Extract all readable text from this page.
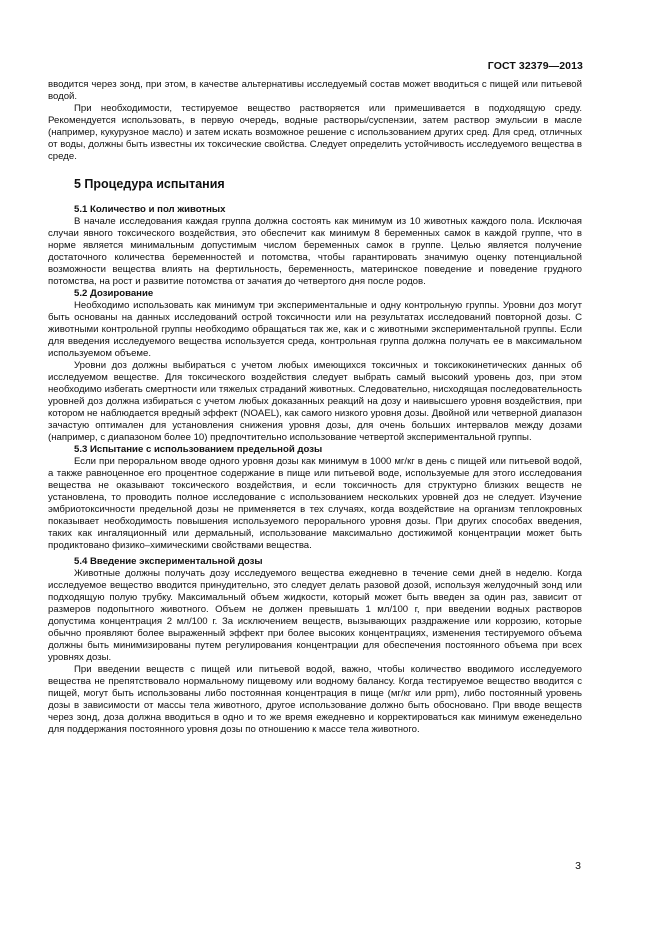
ГОСТ 32379—2013

вводится через зонд, при этом, в качестве альтернативы исследуемый состав может вводиться с пищей или питьевой водой.

При необходимости, тестируемое вещество растворяется или примешивается в подходящую среду. Рекомендуется использовать, в первую очередь, водные растворы/суспензии, затем раствор эмульсии в масле (например, кукурузное масло) и затем искать возможное решение с использованием других сред. Для сред, отличных от воды, должны быть известны их токсические свойства. Следует определить устойчивость исследуемого вещества в среде.

5 Процедура испытания
5.1 Количество и пол животных

В начале исследования каждая группа должна состоять как минимум из 10 животных каждого пола. Исключая случаи явного токсического воздействия, это обеспечит как минимум 8 беременных самок в каждой группе, что в норме является минимальным допустимым числом беременных самок в группе. Целью является получение достаточного количества беременностей и потомства, чтобы гарантировать значимую оценку потенциальной возможности вещества влиять на фертильность, беременность, материнское поведение и поведение грудного потомства, на рост и развитие потомства от зачатия до четвертого дня после родов.

5.2 Дозирование

Необходимо использовать как минимум три экспериментальные и одну контрольную группы. Уровни доз могут быть основаны на данных исследований острой токсичности или на результатах исследований повторной дозы. С животными контрольной группы необходимо обращаться так же, как и с животными экспериментальной группы. Если для введения исследуемого вещества используется среда, контрольная группа должна получать ее в максимальном используемом объеме.

Уровни доз должны выбираться с учетом любых имеющихся токсичных и токсикокинетических данных об исследуемом веществе. Для токсического воздействия следует выбрать самый высокий уровень доз, при этом необходимо избегать смертности или тяжелых страданий животных. Следовательно, нисходящая последовательность уровней доз должна избираться с учетом любых доказанных реакций на дозу и наивысшего уровня воздействия, при котором не наблюдается вредный эффект (NOAEL), как самого низкого уровня дозы. Двойной или четверной диапазон зачастую оптимален для установления снижения уровня дозы, для очень больших интервалов между дозами (например, с диапазоном более 10) предпочтительно использование четвертой экспериментальной группы.

5.3 Испытание с использованием предельной дозы

Если при пероральном вводе одного уровня дозы как минимум в 1000 мг/кг в день с пищей или питьевой водой, а также равноценное его процентное содержание в пище или питьевой воде, используемые для этого исследования вещества не оказывают токсического воздействия, и если токсичность для структурно близких веществ не установлена, то проводить полное исследование с использованием нескольких уровней доз не следует. Изучение эмбриотоксичности предельной дозы не применяется в тех случаях, когда воздействие на организм теплокровных показывает необходимость повышения используемого перорального уровня дозы. При других способах введения, таких как ингаляционный или дермальный, использование максимально достижимой концентрации может быть продиктовано физико–химическими свойствами вещества.

5.4 Введение экспериментальной дозы

Животные должны получать дозу исследуемого вещества ежедневно в течение семи дней в неделю. Когда исследуемое вещество вводится принудительно, это следует делать разовой дозой, используя желудочный зонд или подходящую полую трубку. Максимальный объем жидкости, который может быть введен за один раз, зависит от размеров подопытного животного. Объем не должен превышать 1 мл/100 г, при введении водных растворов допустима концентрация 2 мл/100 г. За исключением веществ, вызывающих раздражение или коррозию, которые обычно проявляют более выраженный эффект при более высоких концентрациях, изменения тестируемого объема должны быть минимизированы путем регулирования концентрации для обеспечения постоянного объема при всех уровнях дозы.

При введении веществ с пищей или питьевой водой, важно, чтобы количество вводимого исследуемого вещества не препятствовало нормальному пищевому или водному балансу. Когда тестируемое вещество вводится с пищей, могут быть использованы либо постоянная концентрация в пище (мг/кг или ppm), либо постоянный уровень дозы в зависимости от массы тела животного, другое использование должно быть обосновано. При вводе веществ через зонд, доза должна вводиться в одно и то же время ежедневно и корректироваться как минимум еженедельно для поддержания постоянного уровня дозы по отношению к массе тела животного.

3
